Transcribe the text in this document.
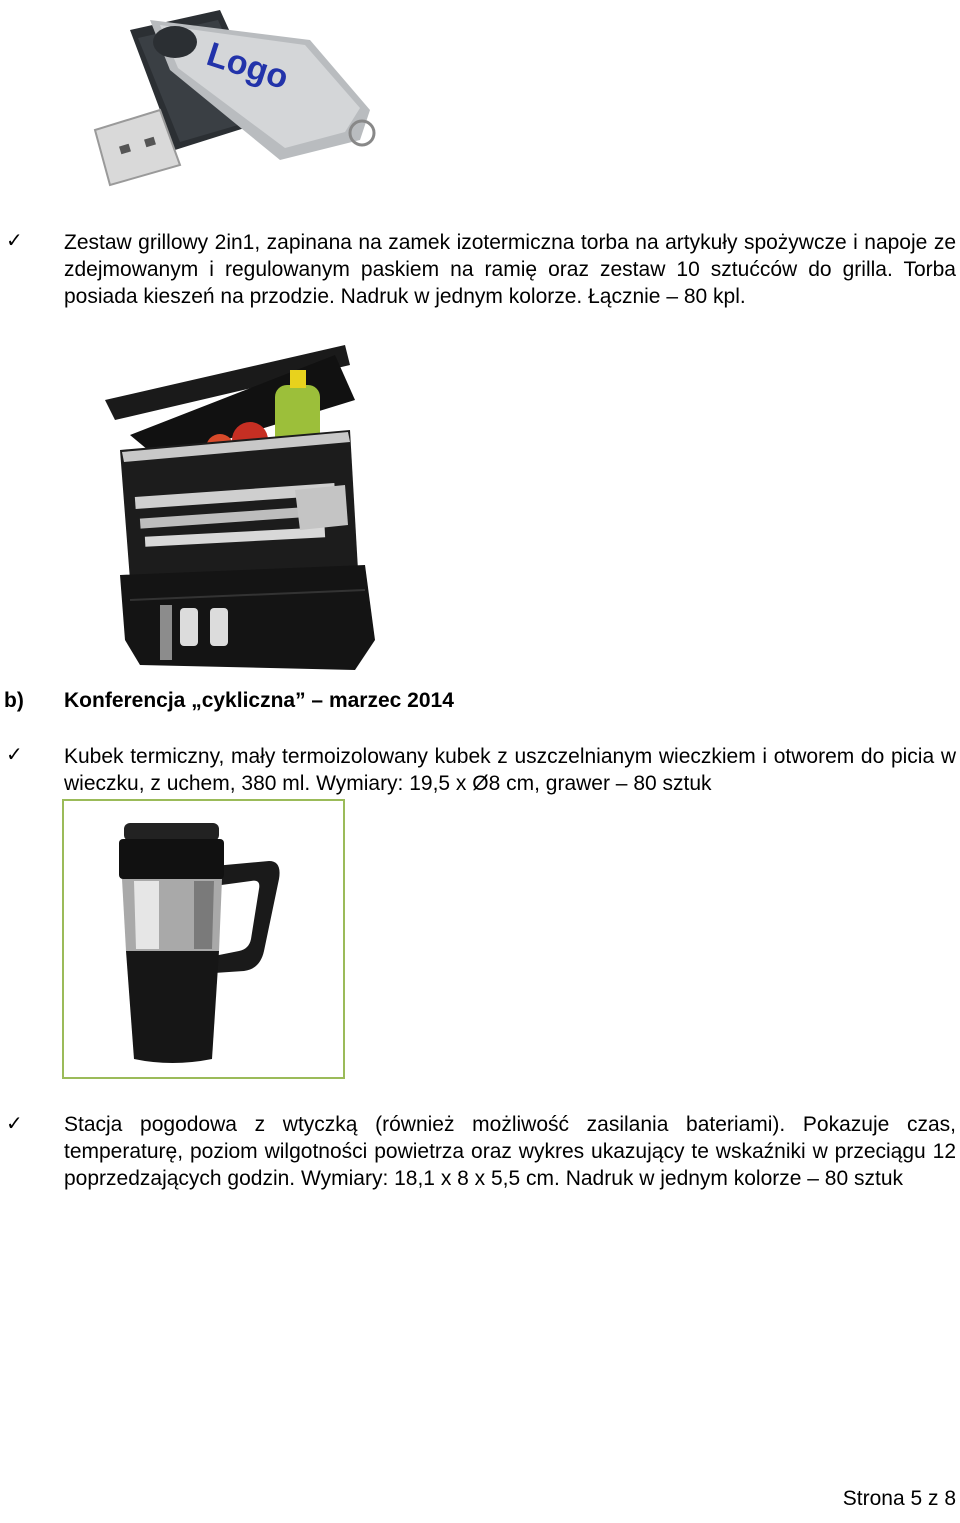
Logo
✓ Zestaw grillowy 2in1, zapinana na zamek izotermiczna torba na artykuły spożywcze i napoje ze zdejmowanym i regulowanym paskiem na ramię oraz zestaw 10 sztućców do grilla. Torba posiada kieszeń na przodzie. Nadruk w jednym kolorze. Łącznie – 80 kpl.
b) Konferencja „cykliczna” – marzec 2014
✓ Kubek termiczny, mały termoizolowany kubek z uszczelnianym wieczkiem i otworem do picia w wieczku, z uchem, 380 ml. Wymiary: 19,5 x Ø8 cm, grawer – 80 sztuk
✓ Stacja pogodowa z wtyczką (również możliwość zasilania bateriami). Pokazuje czas, temperaturę, poziom wilgotności powietrza oraz wykres ukazujący te wskaźniki w przeciągu 12 poprzedzających godzin. Wymiary: 18,1 x 8 x 5,5 cm. Nadruk w jednym kolorze – 80 sztuk
Strona 5 z 8
